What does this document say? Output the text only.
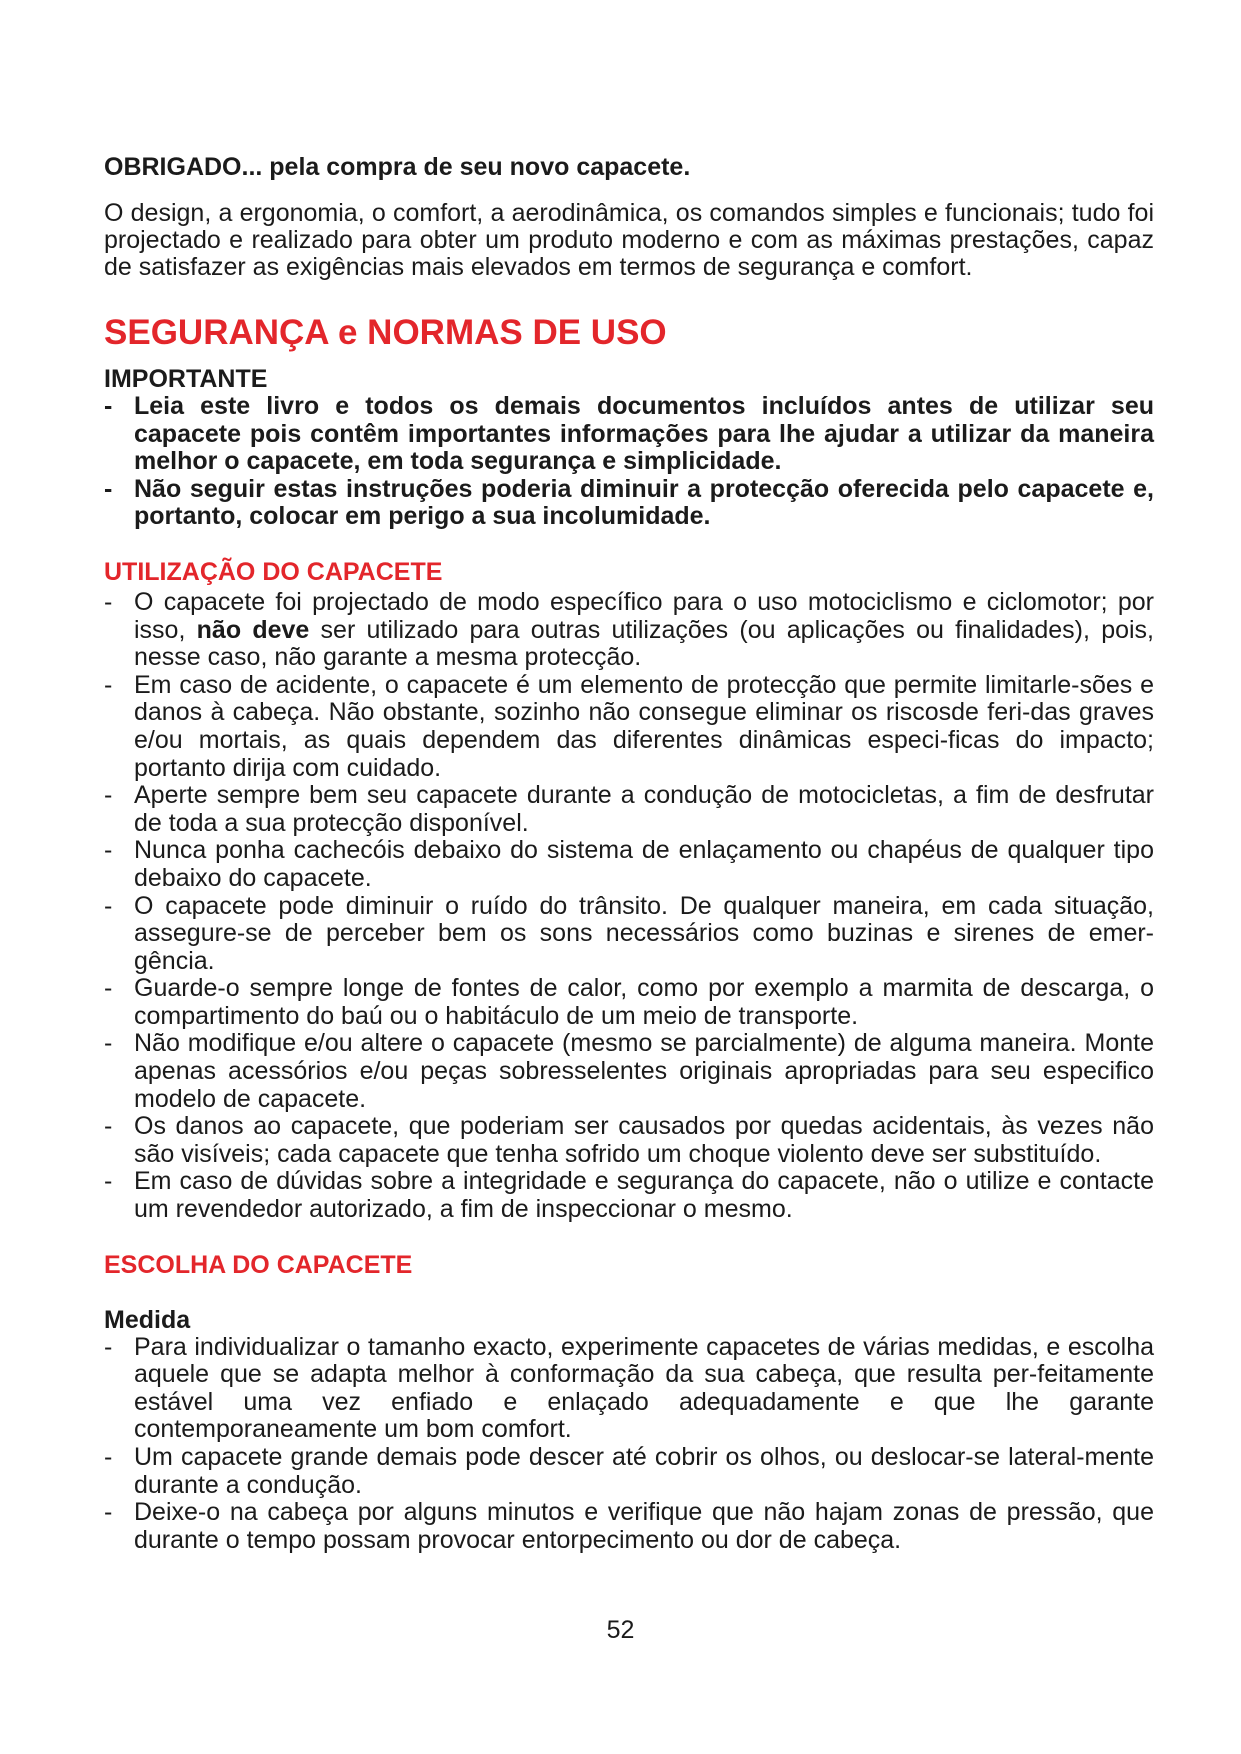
OBRIGADO... pela compra de seu novo capacete.

O design, a ergonomia, o comfort, a aerodinâmica, os comandos simples e funcionais; tudo foi projectado e realizado para obter um produto moderno e com as máximas prestações, capaz de satisfazer as exigências mais elevados em termos de segurança e comfort.

SEGURANÇA e NORMAS DE USO
IMPORTANTE
- Leia este livro e todos os demais documentos incluídos antes de utilizar seu capacete pois contêm importantes informações para lhe ajudar a utilizar da maneira melhor o capacete, em toda segurança e simplicidade.
- Não seguir estas instruções poderia diminuir a protecção oferecida pelo capacete e, portanto, colocar em perigo a sua incolumidade.
UTILIZAÇÃO DO CAPACETE
- O capacete foi projectado de modo específico para o uso motociclismo e ciclomotor; por isso, não deve ser utilizado para outras utilizações (ou aplicações ou finalidades), pois, nesse caso, não garante a mesma protecção.
- Em caso de acidente, o capacete é um elemento de protecção que permite limitarle-sões e danos à cabeça. Não obstante, sozinho não consegue eliminar os riscosde feri-das graves e/ou mortais, as quais dependem das diferentes dinâmicas especi-ficas do impacto; portanto dirija com cuidado.
- Aperte sempre bem seu capacete durante a condução de motocicletas, a fim de desfrutar de toda a sua protecção disponível.
- Nunca ponha cachecóis debaixo do sistema de enlaçamento ou chapéus de qualquer tipo debaixo do capacete.
- O capacete pode diminuir o ruído do trânsito. De qualquer maneira, em cada situação, assegure-se de perceber bem os sons necessários como buzinas e sirenes de emer-gência.
- Guarde-o sempre longe de fontes de calor, como por exemplo a marmita de descarga, o compartimento do baú ou o habitáculo de um meio de transporte.
- Não modifique e/ou altere o capacete (mesmo se parcialmente) de alguma maneira. Monte apenas acessórios e/ou peças sobresselentes originais apropriadas para seu especifico modelo de capacete.
- Os danos ao capacete, que poderiam ser causados por quedas acidentais, às vezes não são visíveis; cada capacete que tenha sofrido um choque violento deve ser substituído.
- Em caso de dúvidas sobre a integridade e segurança do capacete, não o utilize e contacte um revendedor autorizado, a fim de inspeccionar o mesmo.
ESCOLHA DO CAPACETE
Medida
- Para individualizar o tamanho exacto, experimente capacetes de várias medidas, e escolha aquele que se adapta melhor à conformação da sua cabeça, que resulta per-feitamente estável uma vez enfiado e enlaçado adequadamente e que lhe garante contemporaneamente um bom comfort.
- Um capacete grande demais pode descer até cobrir os olhos, ou deslocar-se lateral-mente durante a condução.
- Deixe-o na cabeça por alguns minutos e verifique que não hajam zonas de pressão, que durante o tempo possam provocar entorpecimento ou dor de cabeça.
52
